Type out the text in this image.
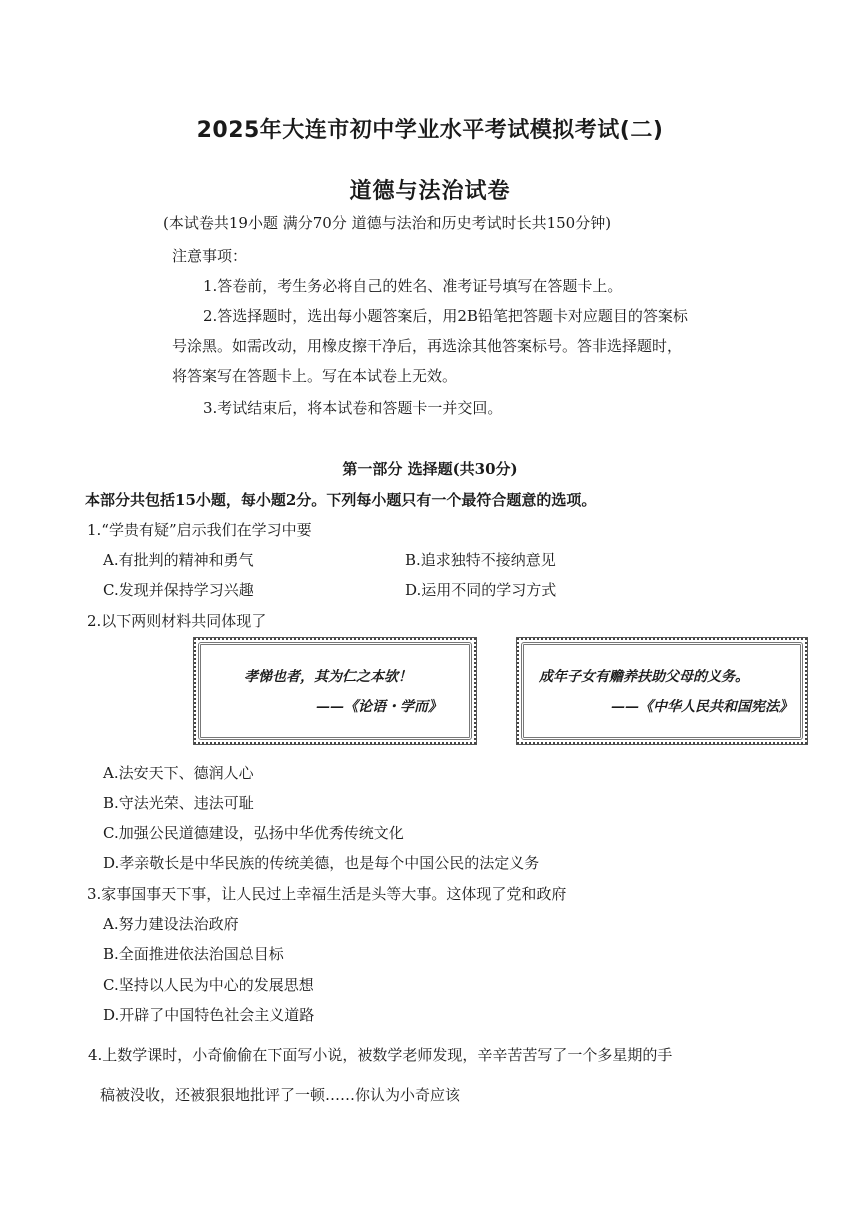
2025年大连市初中学业水平考试模拟考试(二)
道德与法治试卷
(本试卷共19小题 满分70分 道德与法治和历史考试时长共150分钟)
注意事项：
1.答卷前，考生务必将自己的姓名、准考证号填写在答题卡上。
2.答选择题时，选出每小题答案后，用2B铅笔把答题卡对应题目的答案标
号涂黑。如需改动，用橡皮擦干净后，再选涂其他答案标号。答非选择题时，
将答案写在答题卡上。写在本试卷上无效。
3.考试结束后，将本试卷和答题卡一并交回。
第一部分 选择题(共30分)
本部分共包括15小题，每小题2分。下列每小题只有一个最符合题意的选项。
1.“学贵有疑”启示我们在学习中要
A.有批判的精神和勇气	B.追求独特不接纳意见
C.发现并保持学习兴趣	D.运用不同的学习方式
2.以下两则材料共同体现了
孝悌也者，其为仁之本欤！
——《论语・学而》
成年子女有赡养扶助父母的义务。
——《中华人民共和国宪法》
A.法安天下、德润人心
B.守法光荣、违法可耻
C.加强公民道德建设，弘扬中华优秀传统文化
D.孝亲敬长是中华民族的传统美德，也是每个中国公民的法定义务
3.家事国事天下事，让人民过上幸福生活是头等大事。这体现了党和政府
A.努力建设法治政府
B.全面推进依法治国总目标
C.坚持以人民为中心的发展思想
D.开辟了中国特色社会主义道路
4.上数学课时，小奇偷偷在下面写小说，被数学老师发现，辛辛苦苦写了一个多星期的手
稿被没收，还被狠狠地批评了一顿……你认为小奇应该
